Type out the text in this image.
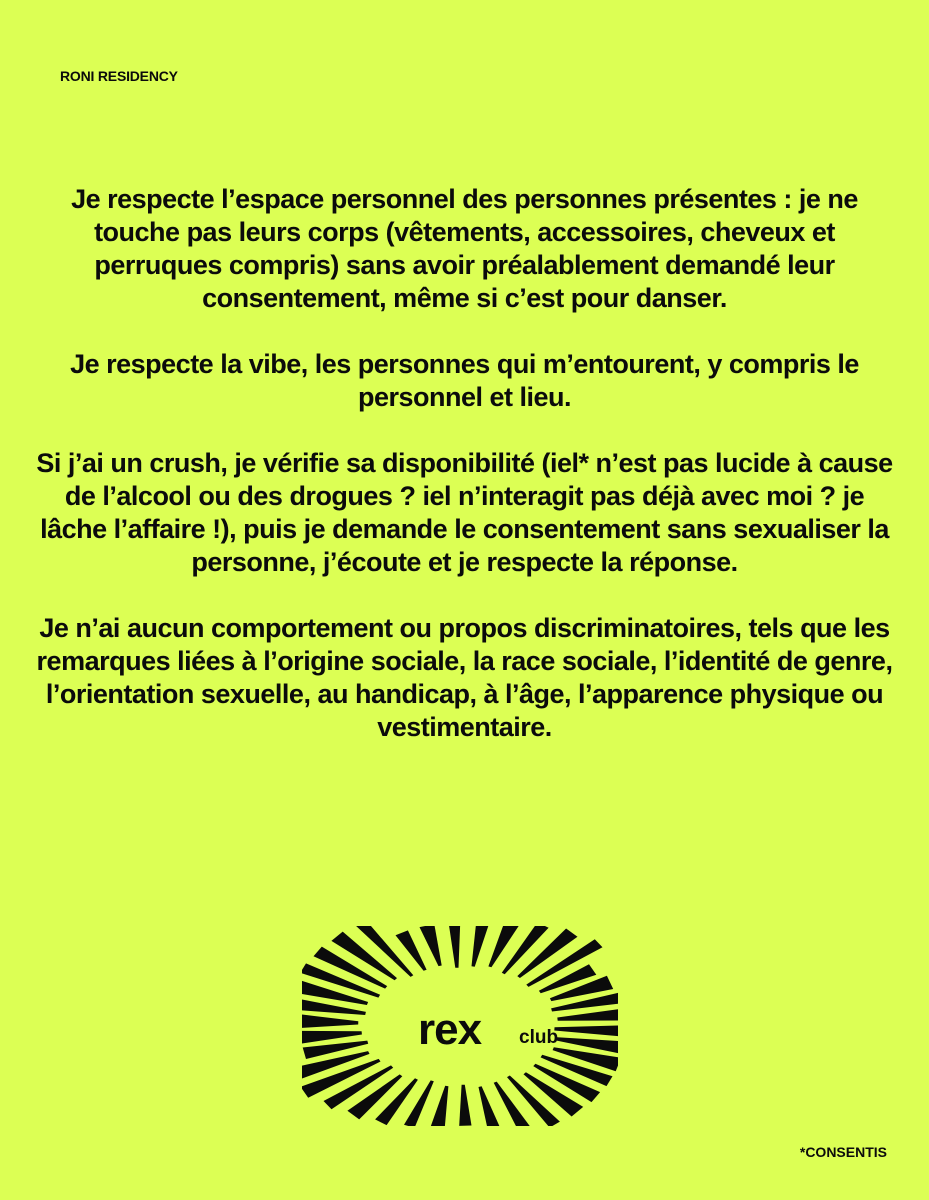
RONI RESIDENCY

Je respecte l’espace personnel des personnes présentes : je ne touche pas leurs corps (vêtements, accessoires, cheveux et perruques compris) sans avoir préalablement demandé leur consentement, même si c’est pour danser.

Je respecte la vibe, les personnes qui m’entourent, y compris le personnel et lieu.

Si j’ai un crush, je vérifie sa disponibilité (iel* n’est pas lucide à cause de l’alcool ou des drogues ? iel n’interagit pas déjà avec moi ? je lâche l’affaire !), puis je demande le consentement sans sexualiser la personne, j’écoute et je respecte la réponse.

Je n’ai aucun comportement ou propos discriminatoires, tels que les remarques liées à l’origine sociale, la race sociale, l’identité de genre, l’orientation sexuelle, au handicap, à l’âge, l’apparence physique ou vestimentaire.

rex club
*CONSENTIS
